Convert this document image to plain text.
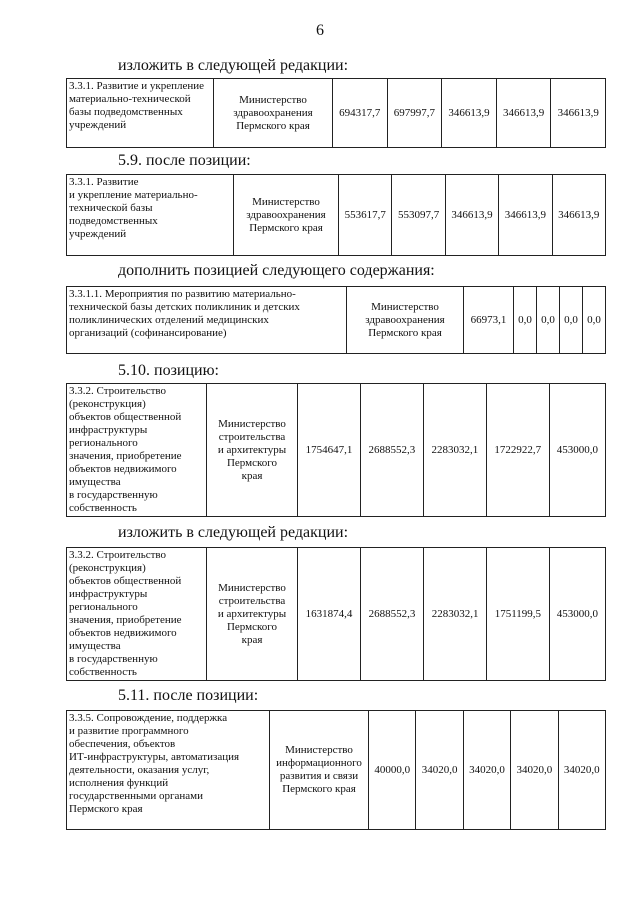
6
изложить в следующей редакции:
3.3.1. Развитие и укрепление
материально-технической
базы подведомственных
учреждений

Министерство
здравоохранения
Пермского края
	694317,7	697997,7	346613,9	346613,9	346613,9
5.9. после позиции:
3.3.1. Развитие
и укрепление материально-
технической базы
подведомственных
учреждений

Министерство
здравоохранения
Пермского края
	553617,7	553097,7	346613,9	346613,9	346613,9
дополнить позицией следующего содержания:
3.3.1.1. Мероприятия по развитию материально-
технической базы детских поликлиник и детских
поликлинических отделений медицинских
организаций (софинансирование)

Министерство
здравоохранения
Пермского края
	66973,1	0,0	0,0	0,0	0,0
5.10. позицию:
3.3.2. Строительство
(реконструкция)
объектов общественной
инфраструктуры
регионального
значения, приобретение
объектов недвижимого
имущества
в государственную
собственность

Министерство
строительства
и архитектуры
Пермского
края
	1754647,1	2688552,3	2283032,1	1722922,7	453000,0
изложить в следующей редакции:
3.3.2. Строительство
(реконструкция)
объектов общественной
инфраструктуры
регионального
значения, приобретение
объектов недвижимого
имущества
в государственную
собственность

Министерство
строительства
и архитектуры
Пермского
края
	1631874,4	2688552,3	2283032,1	1751199,5	453000,0
5.11. после позиции:
3.3.5. Сопровождение, поддержка
и развитие программного
обеспечения, объектов
ИТ-инфраструктуры, автоматизация
деятельности, оказания услуг,
исполнения функций
государственными органами
Пермского края

Министерство
информационного
развития и связи
Пермского края
	40000,0	34020,0	34020,0	34020,0	34020,0
